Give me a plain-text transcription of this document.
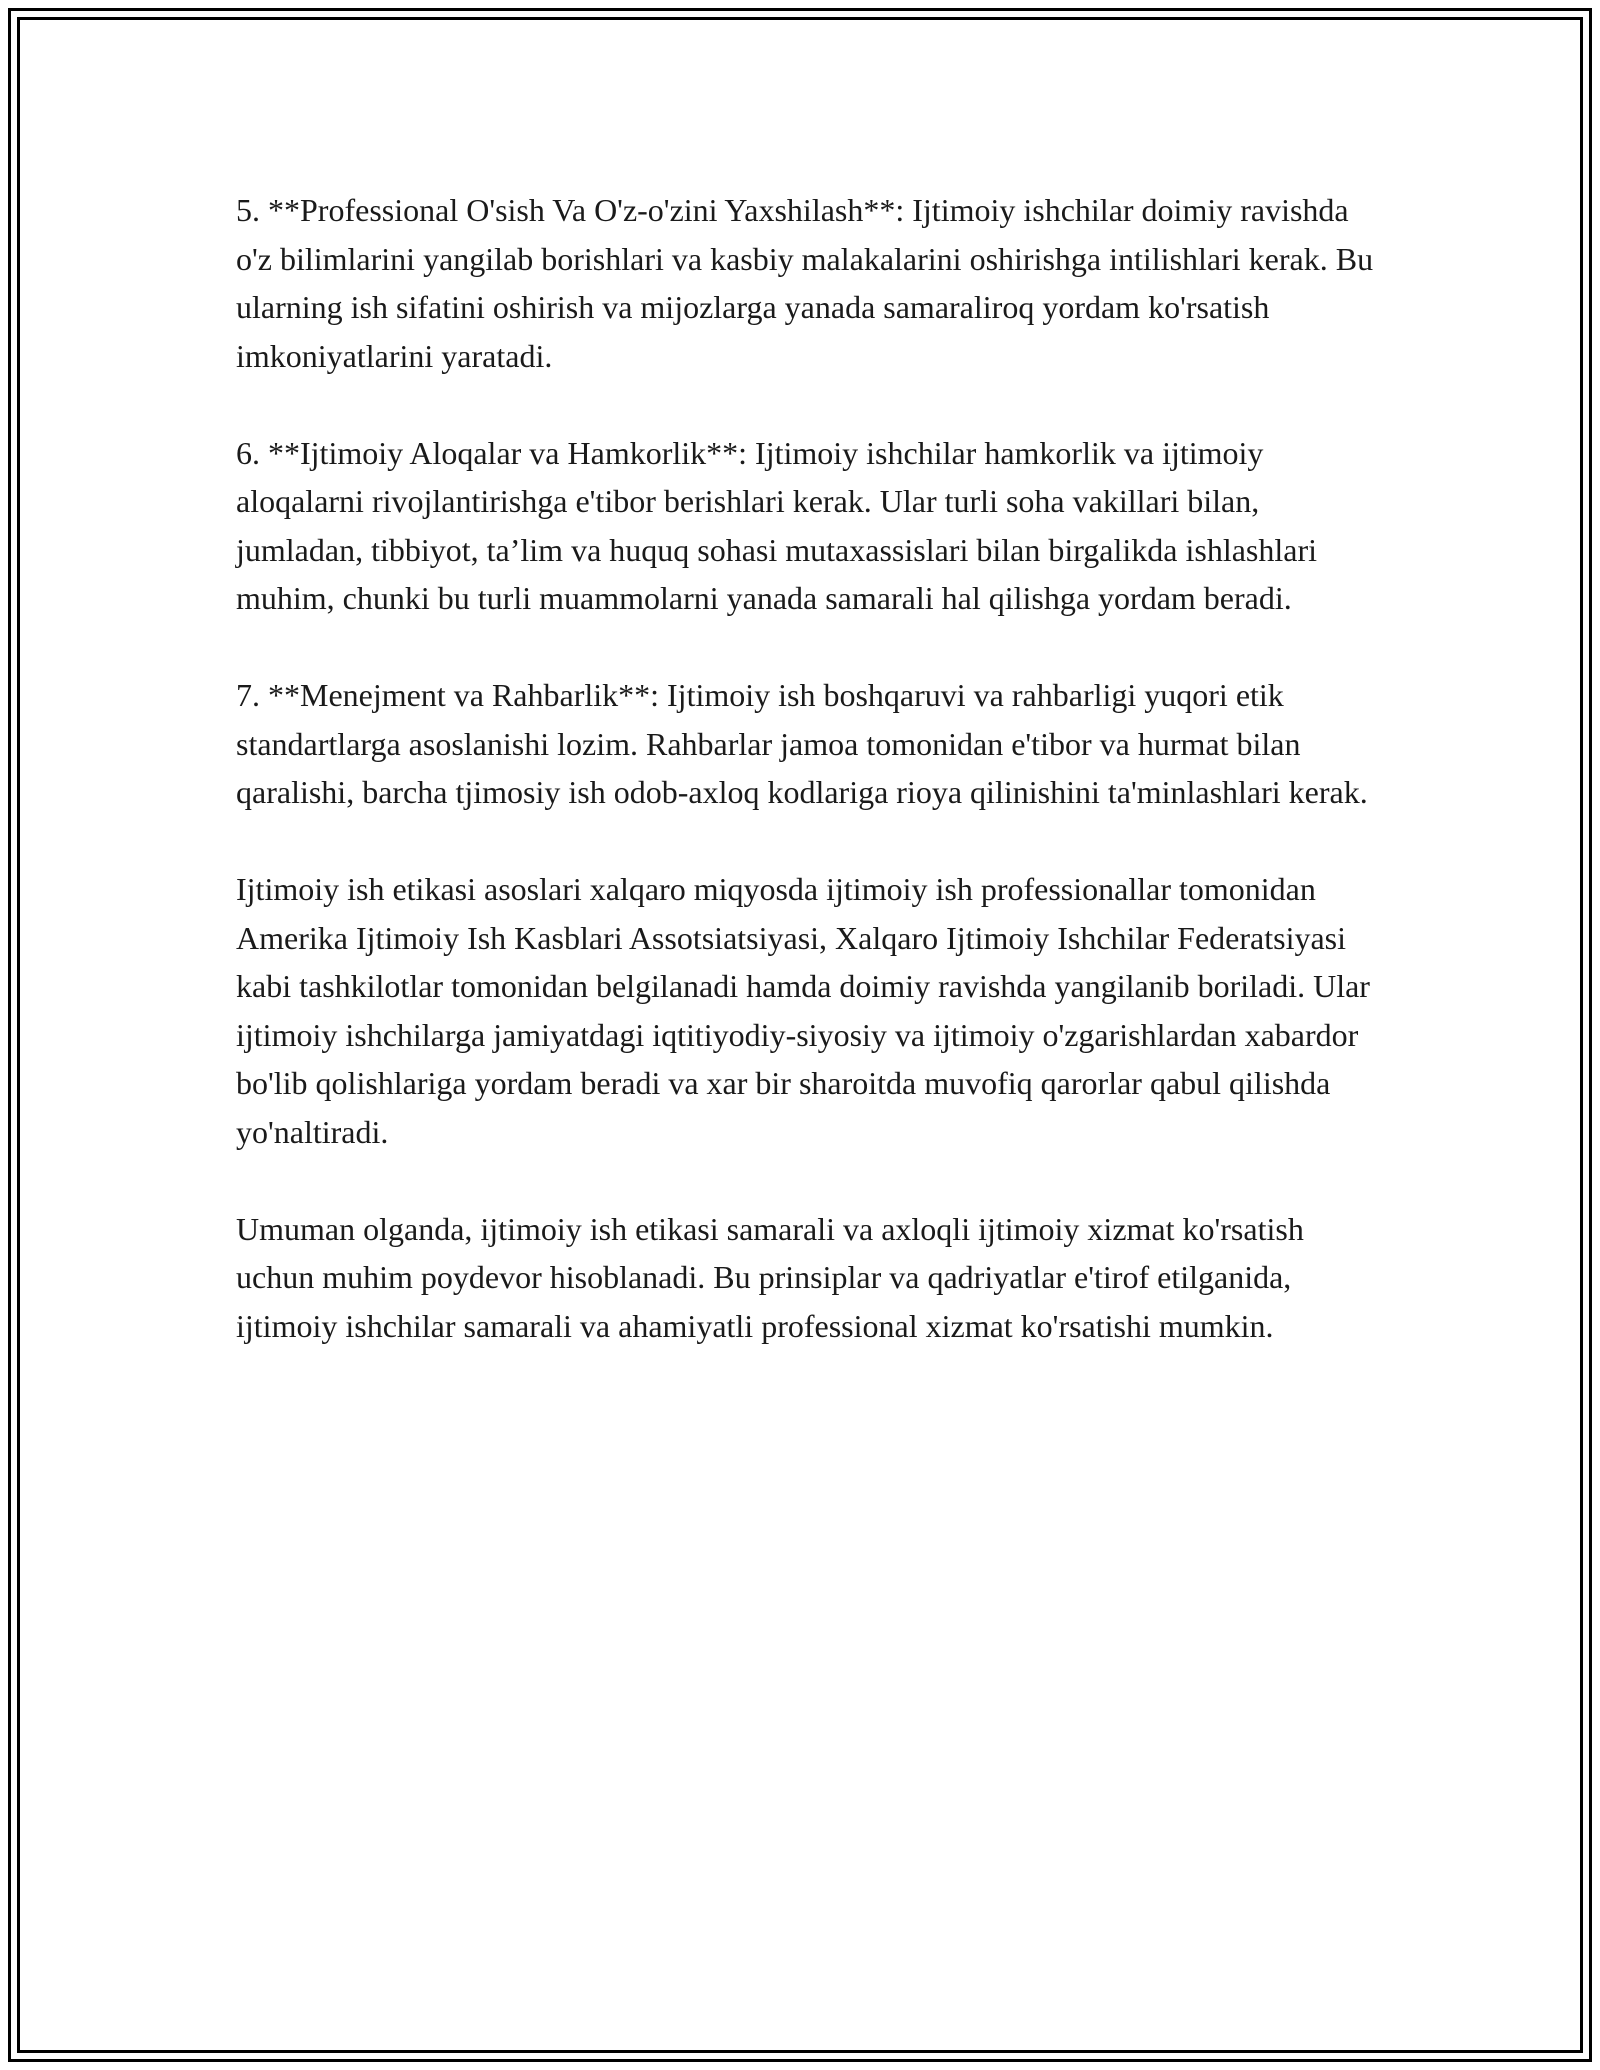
5. **Professional O'sish Va O'z-o'zini Yaxshilash**: Ijtimoiy ishchilar doimiy ravishda o'z bilimlarini yangilab borishlari va kasbiy malakalarini oshirishga intilishlari kerak. Bu ularning ish sifatini oshirish va mijozlarga yanada samaraliroq yordam ko'rsatish imkoniyatlarini yaratadi.

6. **Ijtimoiy Aloqalar va Hamkorlik**: Ijtimoiy ishchilar hamkorlik va ijtimoiy aloqalarni rivojlantirishga e'tibor berishlari kerak. Ular turli soha vakillari bilan, jumladan, tibbiyot, ta’lim va huquq sohasi mutaxassislari bilan birgalikda ishlashlari muhim, chunki bu turli muammolarni yanada samarali hal qilishga yordam beradi.

7. **Menejment va Rahbarlik**: Ijtimoiy ish boshqaruvi va rahbarligi yuqori etik standartlarga asoslanishi lozim. Rahbarlar jamoa tomonidan e'tibor va hurmat bilan qaralishi, barcha tjimosiy ish odob-axloq kodlariga rioya qilinishini ta'minlashlari kerak.

Ijtimoiy ish etikasi asoslari xalqaro miqyosda ijtimoiy ish professionallar tomonidan Amerika Ijtimoiy Ish Kasblari Assotsiatsiyasi, Xalqaro Ijtimoiy Ishchilar Federatsiyasi kabi tashkilotlar tomonidan belgilanadi hamda doimiy ravishda yangilanib boriladi. Ular ijtimoiy ishchilarga jamiyatdagi iqtitiyodiy-siyosiy va ijtimoiy o'zgarishlardan xabardor bo'lib qolishlariga yordam beradi va xar bir sharoitda muvofiq qarorlar qabul qilishda yo'naltiradi.

Umuman olganda, ijtimoiy ish etikasi samarali va axloqli ijtimoiy xizmat ko'rsatish uchun muhim poydevor hisoblanadi. Bu prinsiplar va qadriyatlar e'tirof etilganida, ijtimoiy ishchilar samarali va ahamiyatli professional xizmat ko'rsatishi mumkin.
